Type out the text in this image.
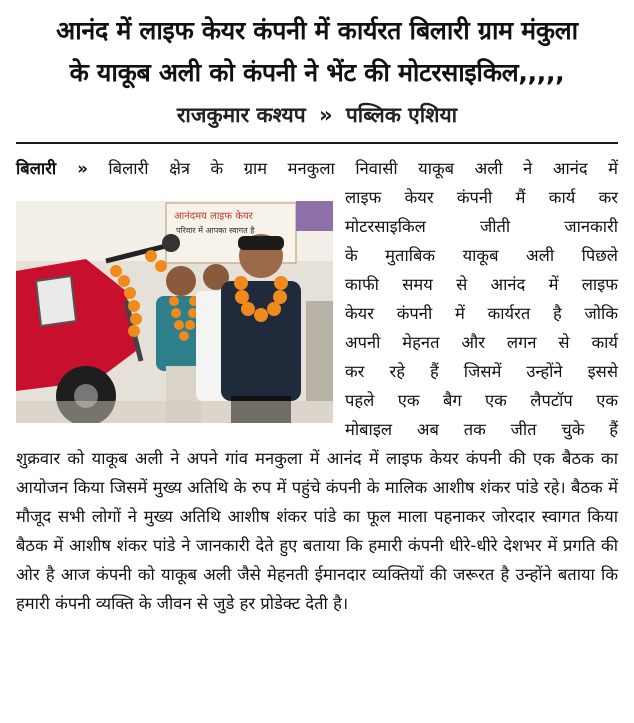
आनंद में लाइफ केयर कंपनी में कार्यरत बिलारी ग्राम मंकुला
के याकूब अली को कंपनी ने भेंट की मोटरसाइकिल,,,,,
राजकुमार कश्यप » पब्लिक एशिया
बिलारी » बिलारी क्षेत्र के ग्राम मनकुला निवासी याकूब अली ने आनंद में
आनंदमय लाइफ केयर
परिवार में आपका स्वागत है
लाइफ केयर कंपनी मैं कार्य कर
मोटरसाइकिल जीती जानकारी
के मुताबिक याकूब अली पिछले
काफी समय से आनंद में लाइफ
केयर कंपनी में कार्यरत है जोकि
अपनी मेहनत और लगन से कार्य
कर रहे हैं जिसमें उन्होंने इससे
पहले एक बैग एक लैपटॉप एक
मोबाइल अब तक जीत चुके हैं
शुक्रवार को याकूब अली ने अपने गांव मनकुला में आनंद में लाइफ केयर कंपनी की एक बैठक का आयोजन किया जिसमें मुख्य अतिथि के रुप में पहुंचे कंपनी के मालिक आशीष शंकर पांडे रहे। बैठक में मौजूद सभी लोगों ने मुख्य अतिथि आशीष शंकर पांडे का फूल माला पहनाकर जोरदार स्वागत किया बैठक में आशीष शंकर पांडे ने जानकारी देते हुए बताया कि हमारी कंपनी धीरे-धीरे देशभर में प्रगति की ओर है आज कंपनी को याकूब अली जैसे मेहनती ईमानदार व्यक्तियों की जरूरत है उन्होंने बताया कि हमारी कंपनी व्यक्ति के जीवन से जुडे हर प्रोडेक्ट देती है।
